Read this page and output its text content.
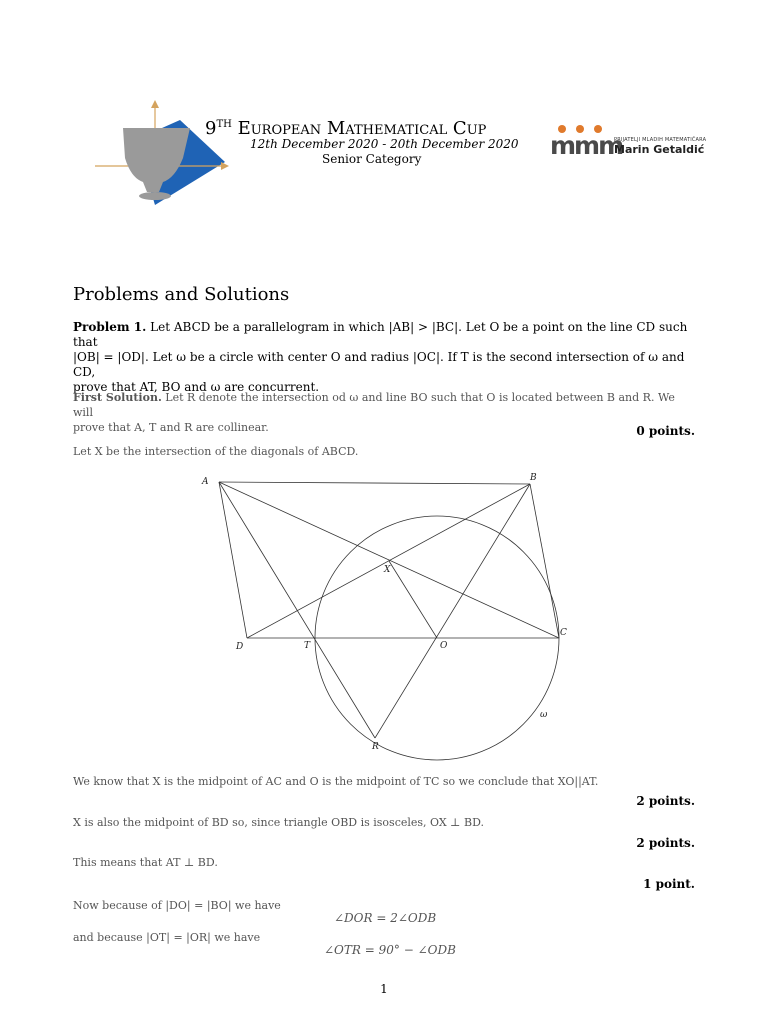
9TH European Mathematical Cup
12th December 2020 - 20th December 2020
Senior Category	mmm
PRIJATELJI MLADIH MATEMATIČARA
Marin Getaldić
Problems and Solutions
Problem 1. Let ABCD be a parallelogram in which |AB| > |BC|. Let O be a point on the line CD such that
|OB| = |OD|. Let ω be a circle with center O and radius |OC|. If T is the second intersection of ω and CD,
prove that AT, BO and ω are concurrent.
First Solution. Let R denote the intersection od ω and line BO such that O is located between B and R. We will
prove that A, T and R are collinear.	0 points.
Let X be the intersection of the diagonals of ABCD.
A	B
C
D	T	O
X
R
ω
We know that X is the midpoint of AC and O is the midpoint of TC so we conclude that XO||AT.
2 points.
X is also the midpoint of BD so, since triangle OBD is isosceles, OX ⊥ BD.
2 points.
This means that AT ⊥ BD.
1 point.
Now because of |DO| = |BO| we have
∠DOR = 2∠ODB
and because |OT| = |OR| we have
∠OTR = 90° − ∠ODB
1
